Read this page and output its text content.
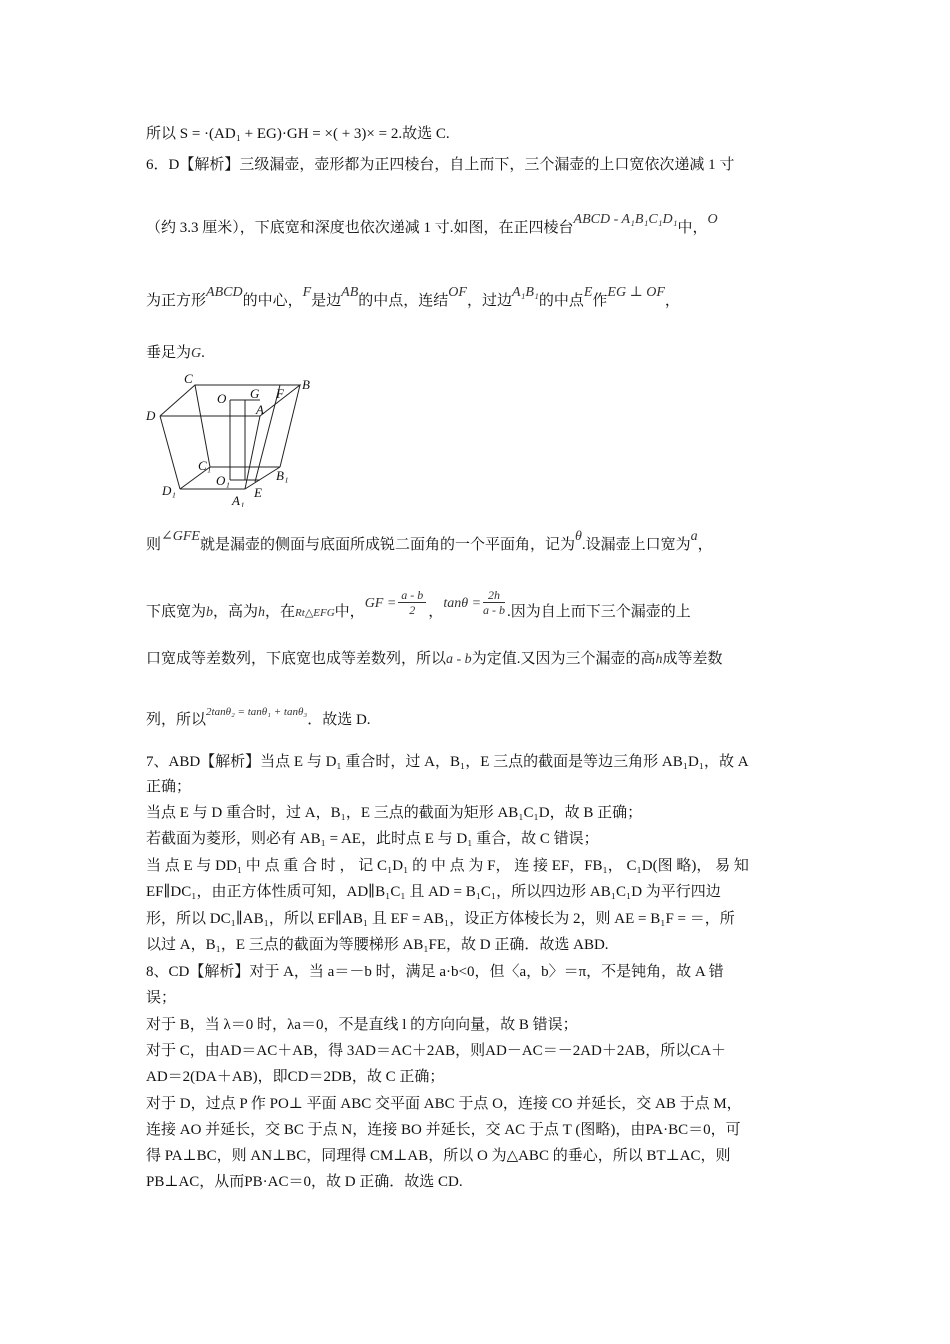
所以 S = ·(AD₁ + EG)·GH = ×( + 3)× = 2.故选 C.
6．D【解析】三级漏壶，壶形都为正四棱台，自上而下，三个漏壶的上口宽依次递减 1 寸
（约 3.3 厘米），下底宽和深度也依次递减 1 寸.如图，在正四棱台ABCD - A₁B₁C₁D₁中，O
为正方形ABCD的中心，F是边AB的中点，连结OF，过边A₁B₁的中点E作EG ⊥ OF，
垂足为G.
C	B
D
O G F
A
C₁
B₁
D₁
O₁
A₁
E
则∠GFE就是漏壶的侧面与底面所成锐二面角的一个平面角，记为θ.设漏壶上口宽为a，
下底宽为b，高为h，在Rt△EFG中，GF = $\frac{a - b}{2}$ ，$\tan\theta = \frac{2h}{a - b}$ .因为自上而下三个漏壶的上
口宽成等差数列，下底宽也成等差数列，所以a - b为定值.又因为三个漏壶的高h成等差数
列，所以$^{2tan\theta_2 = tan\theta_1 + tan\theta_3}$．故选 D.
7、ABD【解析】当点 E 与 D₁ 重合时，过 A，B₁，E 三点的截面是等边三角形 AB₁D₁，故 A
正确；
当点 E 与 D 重合时，过 A，B₁，E 三点的截面为矩形 AB₁C₁D，故 B 正确；
若截面为菱形，则必有 AB₁ = AE，此时点 E 与 D₁ 重合，故 C 错误；
当 点 E 与 DD₁ 中 点 重 合 时 ， 记 C₁D₁ 的 中 点 为 F， 连 接 EF，FB₁， C₁D(图 略)， 易 知
EF∥DC₁，由正方体性质可知，AD∥B₁C₁ 且 AD = B₁C₁，所以四边形 AB₁C₁D 为平行四边
形，所以 DC₁∥AB₁，所以 EF∥AB₁ 且 EF = AB₁，设正方体棱长为 2，则 AE = B₁F = ＝，所
以过 A，B₁，E 三点的截面为等腰梯形 AB₁FE，故 D 正确．故选 ABD.
8、CD【解析】对于 A，当 a＝－b 时，满足 a·b<0，但〈a，b〉＝π，不是钝角，故 A 错
误；
对于 B，当 λ＝0 时，λa＝0，不是直线 l 的方向向量，故 B 错误；
对于 C，由AD＝AC＋AB，得 3AD＝AC＋2AB，则AD－AC＝－2AD＋2AB，所以CA＋
AD＝2(DA＋AB)，即CD＝2DB，故 C 正确；
对于 D，过点 P 作 PO⊥ 平面 ABC 交平面 ABC 于点 O，连接 CO 并延长，交 AB 于点 M，
连接 AO 并延长，交 BC 于点 N，连接 BO 并延长，交 AC 于点 T (图略)，由PA·BC＝0，可
得 PA⊥BC，则 AN⊥BC，同理得 CM⊥AB，所以 O 为△ABC 的垂心，所以 BT⊥AC，则
PB⊥AC，从而PB·AC＝0，故 D 正确．故选 CD.
